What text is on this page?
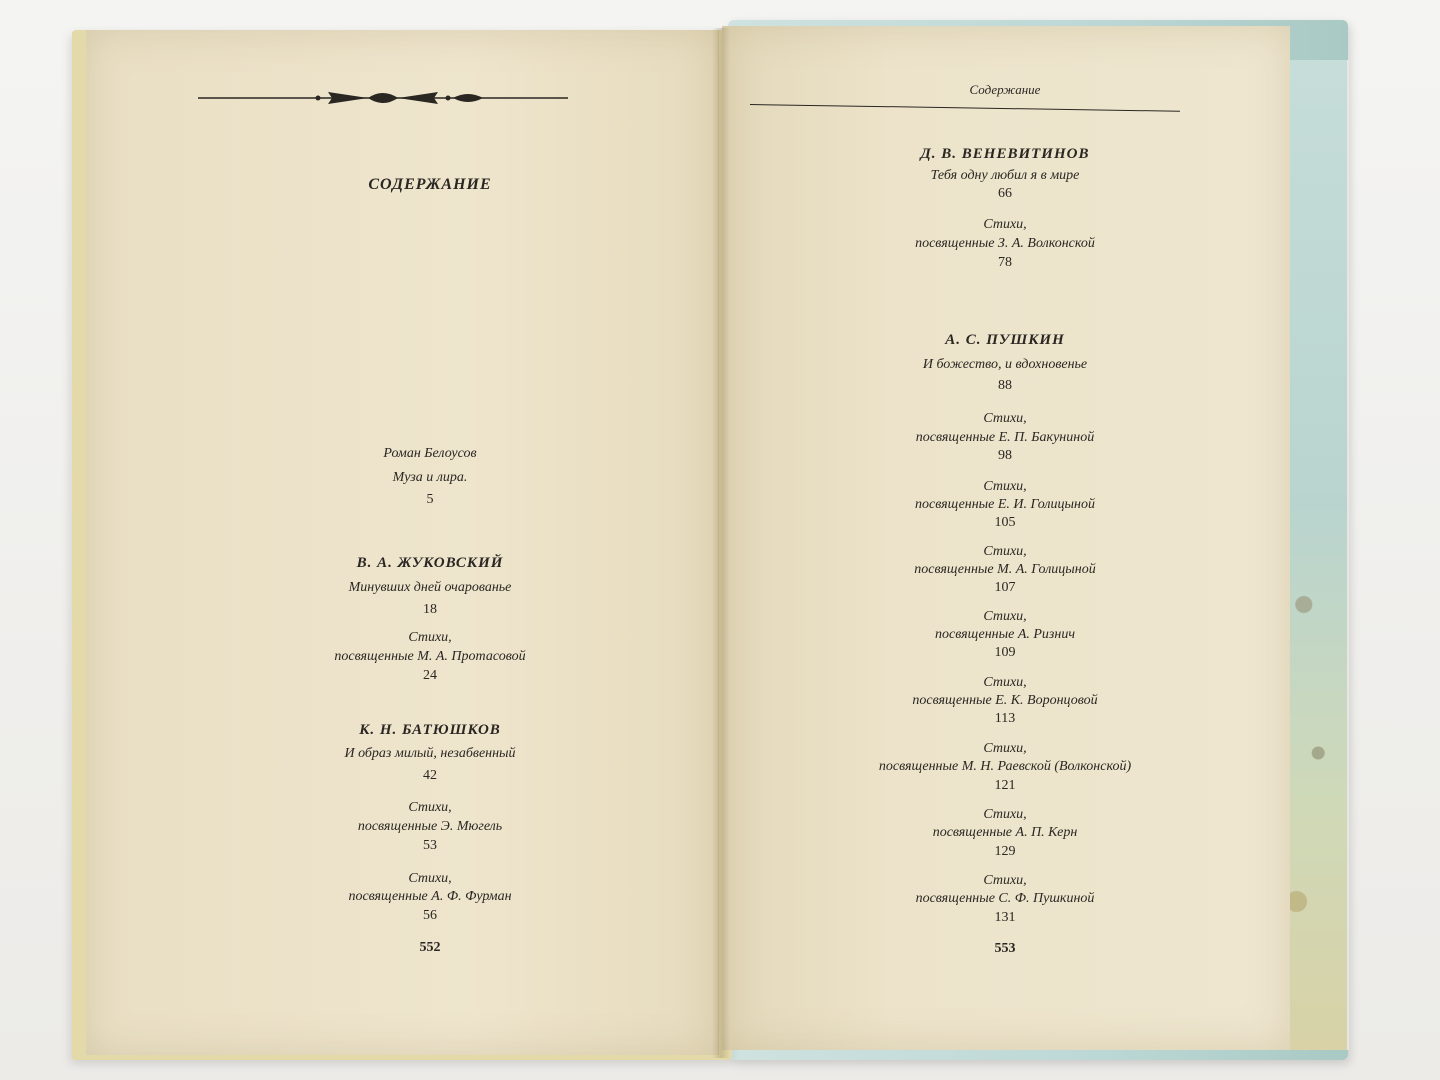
СОДЕРЖАНИЕ
Роман Белоусов
Муза и лира.
5
В. А. ЖУКОВСКИЙ
Минувших дней очарованье
18
Стихи,
посвященные М. А. Протасовой
24
К. Н. БАТЮШКОВ
И образ милый, незабвенный
42
Стихи,
посвященные Э. Мюгель
53
Стихи,
посвященные А. Ф. Фурман
56
552
Содержание
Д. В. ВЕНЕВИТИНОВ
Тебя одну любил я в мире
66
Стихи,
посвященные З. А. Волконской
78
А. С. ПУШКИН
И божество, и вдохновенье
88
Стихи,
посвященные Е. П. Бакуниной
98
Стихи,
посвященные Е. И. Голицыной
105
Стихи,
посвященные М. А. Голицыной
107
Стихи,
посвященные А. Ризнич
109
Стихи,
посвященные Е. К. Воронцовой
113
Стихи,
посвященные М. Н. Раевской (Волконской)
121
Стихи,
посвященные А. П. Керн
129
Стихи,
посвященные С. Ф. Пушкиной
131
553
